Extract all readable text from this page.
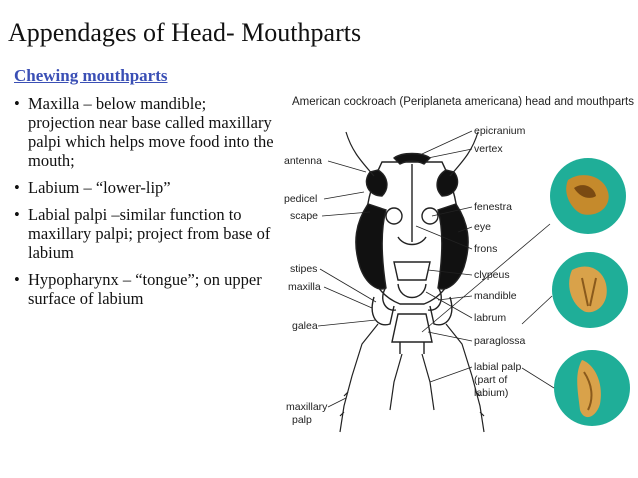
Appendages of Head- Mouthparts
Chewing mouthparts
• Maxilla – below mandible; projection near base called maxillary palpi which helps move food into the mouth;
• Labium – “lower-lip”
• Labial palpi –similar function to maxillary palpi; project from base of labium
• Hypopharynx – “tongue”; on upper surface of labium
American cockroach (Periplaneta americana) head and mouthparts
antenna
pedicel
scape
stipes
maxilla
galea
maxillary
palp
epicranium
vertex
fenestra
eye
frons
clypeus
mandible
labrum
paraglossa
labial palp
(part of
labium)
